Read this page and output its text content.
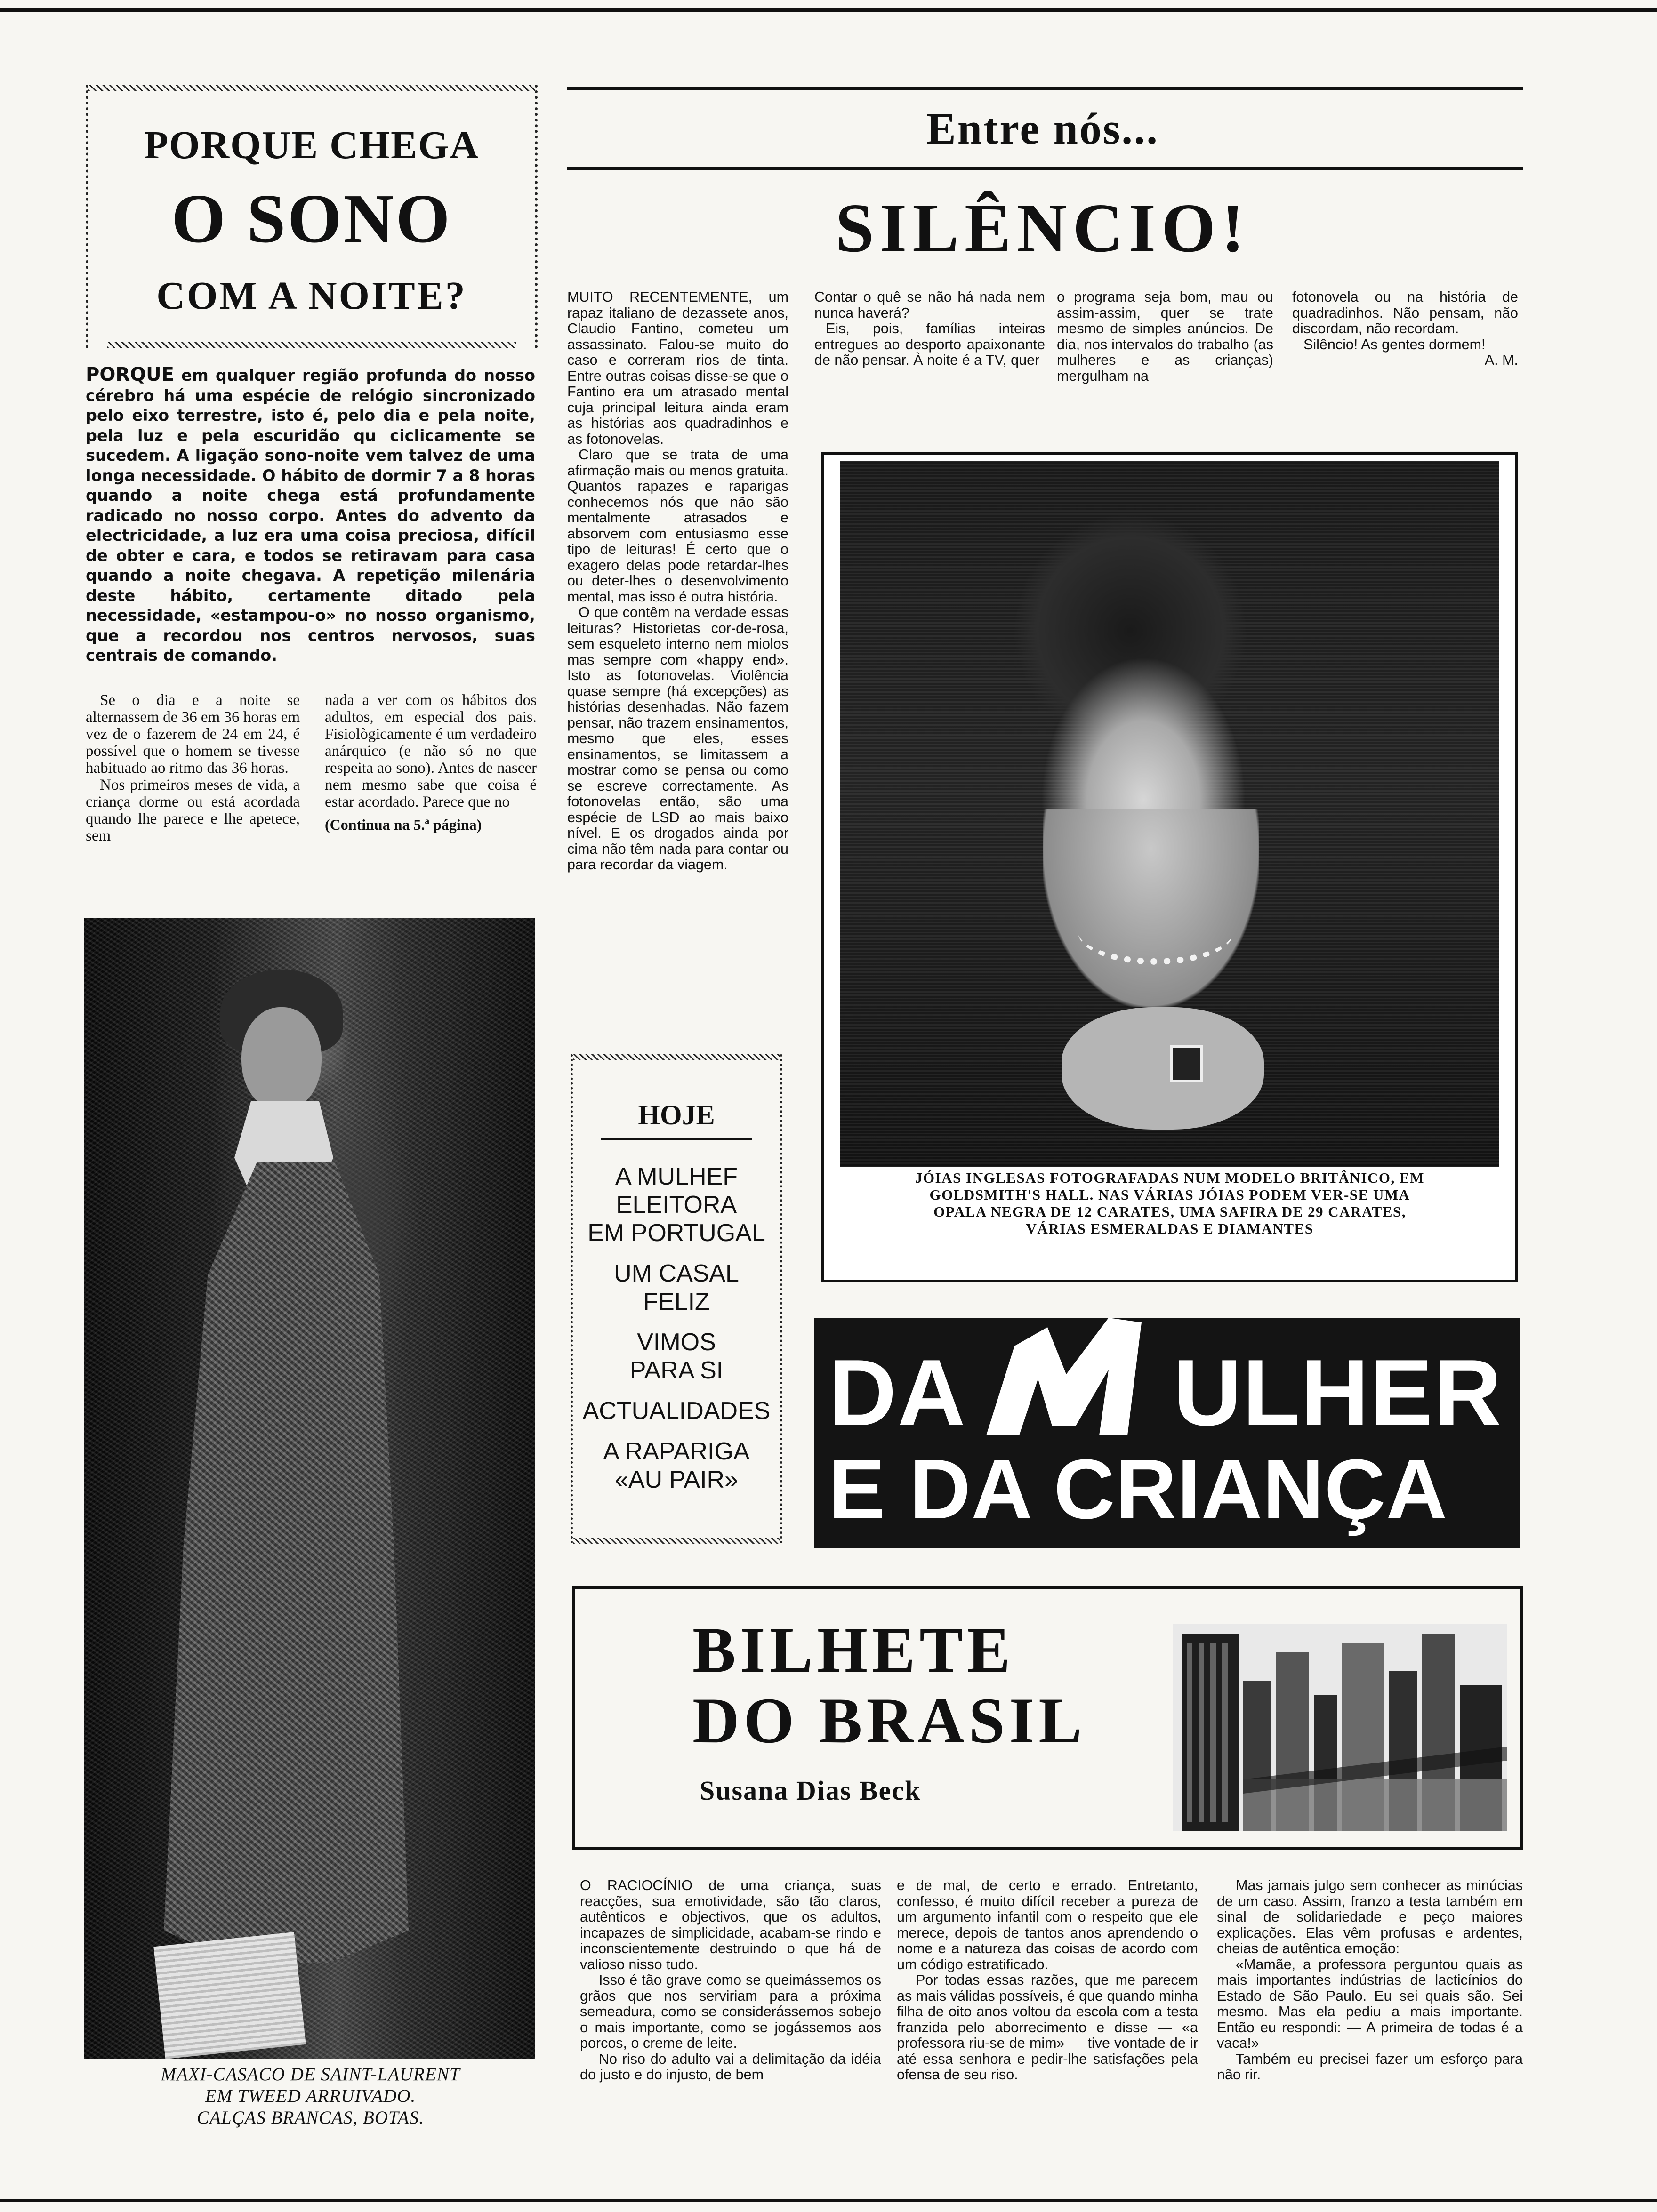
PORQUE CHEGA
O SONO
COM A NOITE?
PORQUE em qualquer região profunda do nosso cérebro há uma espécie de relógio sincronizado pelo eixo terrestre, isto é, pelo dia e pela noite, pela luz e pela escuridão qu ciclicamente se sucedem. A ligação sono-noite vem talvez de uma longa necessidade. O hábito de dormir 7 a 8 horas quando a noite chega está profundamente radicado no nosso corpo. Antes do advento da electricidade, a luz era uma coisa preciosa, difícil de obter e cara, e todos se retiravam para casa quando a noite chegava. A repetição milenária deste hábito, certamente ditado pela necessidade, «estampou-o» no nosso organismo, que a recordou nos centros nervosos, suas centrais de comando.

Se o dia e a noite se alternassem de 36 em 36 horas em vez de o fazerem de 24 em 24, é possível que o homem se tivesse habituado ao ritmo das 36 horas.

Nos primeiros meses de vida, a criança dorme ou está acordada quando lhe parece e lhe apetece, sem

nada a ver com os hábitos dos adultos, em especial dos pais. Fisiològicamente é um verdadeiro anárquico (e não só no que respeita ao sono). Antes de nascer nem mesmo sabe que coisa é estar acordado. Parece que no

(Continua na 5.ª página)
MAXI-CASACO DE SAINT-LAURENT
EM TWEED ARRUIVADO.
CALÇAS BRANCAS, BOTAS.
Entre nós...
SILÊNCIO!

MUITO RECENTEMENTE, um rapaz italiano de dezassete anos, Claudio Fantino, cometeu um assassinato. Falou-se muito do caso e correram rios de tinta. Entre outras coisas disse-se que o Fantino era um atrasado mental cuja principal leitura ainda eram as histórias aos quadradinhos e as fotonovelas.

Claro que se trata de uma afirmação mais ou menos gratuita. Quantos rapazes e raparigas conhecemos nós que não são mentalmente atrasados e absorvem com entusiasmo esse tipo de leituras! É certo que o exagero delas pode retardar-lhes ou deter-lhes o desenvolvimento mental, mas isso é outra história.

O que contêm na verdade essas leituras? Historietas cor-de-rosa, sem esqueleto interno nem miolos mas sempre com «happy end». Isto as fotonovelas. Violência quase sempre (há excepções) as histórias desenhadas. Não fazem pensar, não trazem ensinamentos, mesmo que eles, esses ensinamentos, se limitassem a mostrar como se pensa ou como se escreve correctamente. As fotonovelas então, são uma espécie de LSD ao mais baixo nível. E os drogados ainda por cima não têm nada para contar ou para recordar da viagem.

Contar o quê se não há nada nem nunca haverá?

Eis, pois, famílias inteiras entregues ao desporto apaixonante de não pensar. À noite é a TV, quer

o programa seja bom, mau ou assim-assim, quer se trate mesmo de simples anúncios. De dia, nos intervalos do trabalho (as mulheres e as crianças) mergulham na

fotonovela ou na história de quadradinhos. Não pensam, não discordam, não recordam.

Silêncio! As gentes dormem!

A. M.

HOJE
A MULHEF
ELEITORA
EM PORTUGAL
UM CASAL
FELIZ
VIMOS
PARA SI
ACTUALIDADES
A RAPARIGA
«AU PAIR»
JÓIAS INGLESAS FOTOGRAFADAS NUM MODELO BRITÂNICO, EM
GOLDSMITH'S HALL. NAS VÁRIAS JÓIAS PODEM VER-SE UMA
OPALA NEGRA DE 12 CARATES, UMA SAFIRA DE 29 CARATES,
VÁRIAS ESMERALDAS E DIAMANTES
DA ULHER
E DA CRIANÇA
BILHETE
DO BRASIL
Susana Dias Beck

O RACIOCÍNIO de uma criança, suas reacções, sua emotividade, são tão claros, autênticos e objectivos, que os adultos, incapazes de simplicidade, acabam-se rindo e inconscientemente destruindo o que há de valioso nisso tudo.

Isso é tão grave como se queimássemos os grãos que nos serviriam para a próxima semeadura, como se considerássemos sobejo o mais importante, como se jogássemos aos porcos, o creme de leite.

No riso do adulto vai a delimitação da idéia do justo e do injusto, de bem

e de mal, de certo e errado. Entretanto, confesso, é muito difícil receber a pureza de um argumento infantil com o respeito que ele merece, depois de tantos anos aprendendo o nome e a natureza das coisas de acordo com um código estratificado.

Por todas essas razões, que me parecem as mais válidas possíveis, é que quando minha filha de oito anos voltou da escola com a testa franzida pelo aborrecimento e disse — «a professora riu-se de mim» — tive vontade de ir até essa senhora e pedir-lhe satisfações pela ofensa de seu riso.

Mas jamais julgo sem conhecer as minúcias de um caso. Assim, franzo a testa também em sinal de solidariedade e peço maiores explicações. Elas vêm profusas e ardentes, cheias de autêntica emoção:

«Mamãe, a professora perguntou quais as mais importantes indústrias de lacticínios do Estado de São Paulo. Eu sei quais são. Sei mesmo. Mas ela pediu a mais importante. Então eu respondi: — A primeira de todas é a vaca!»

Também eu precisei fazer um esforço para não rir.
